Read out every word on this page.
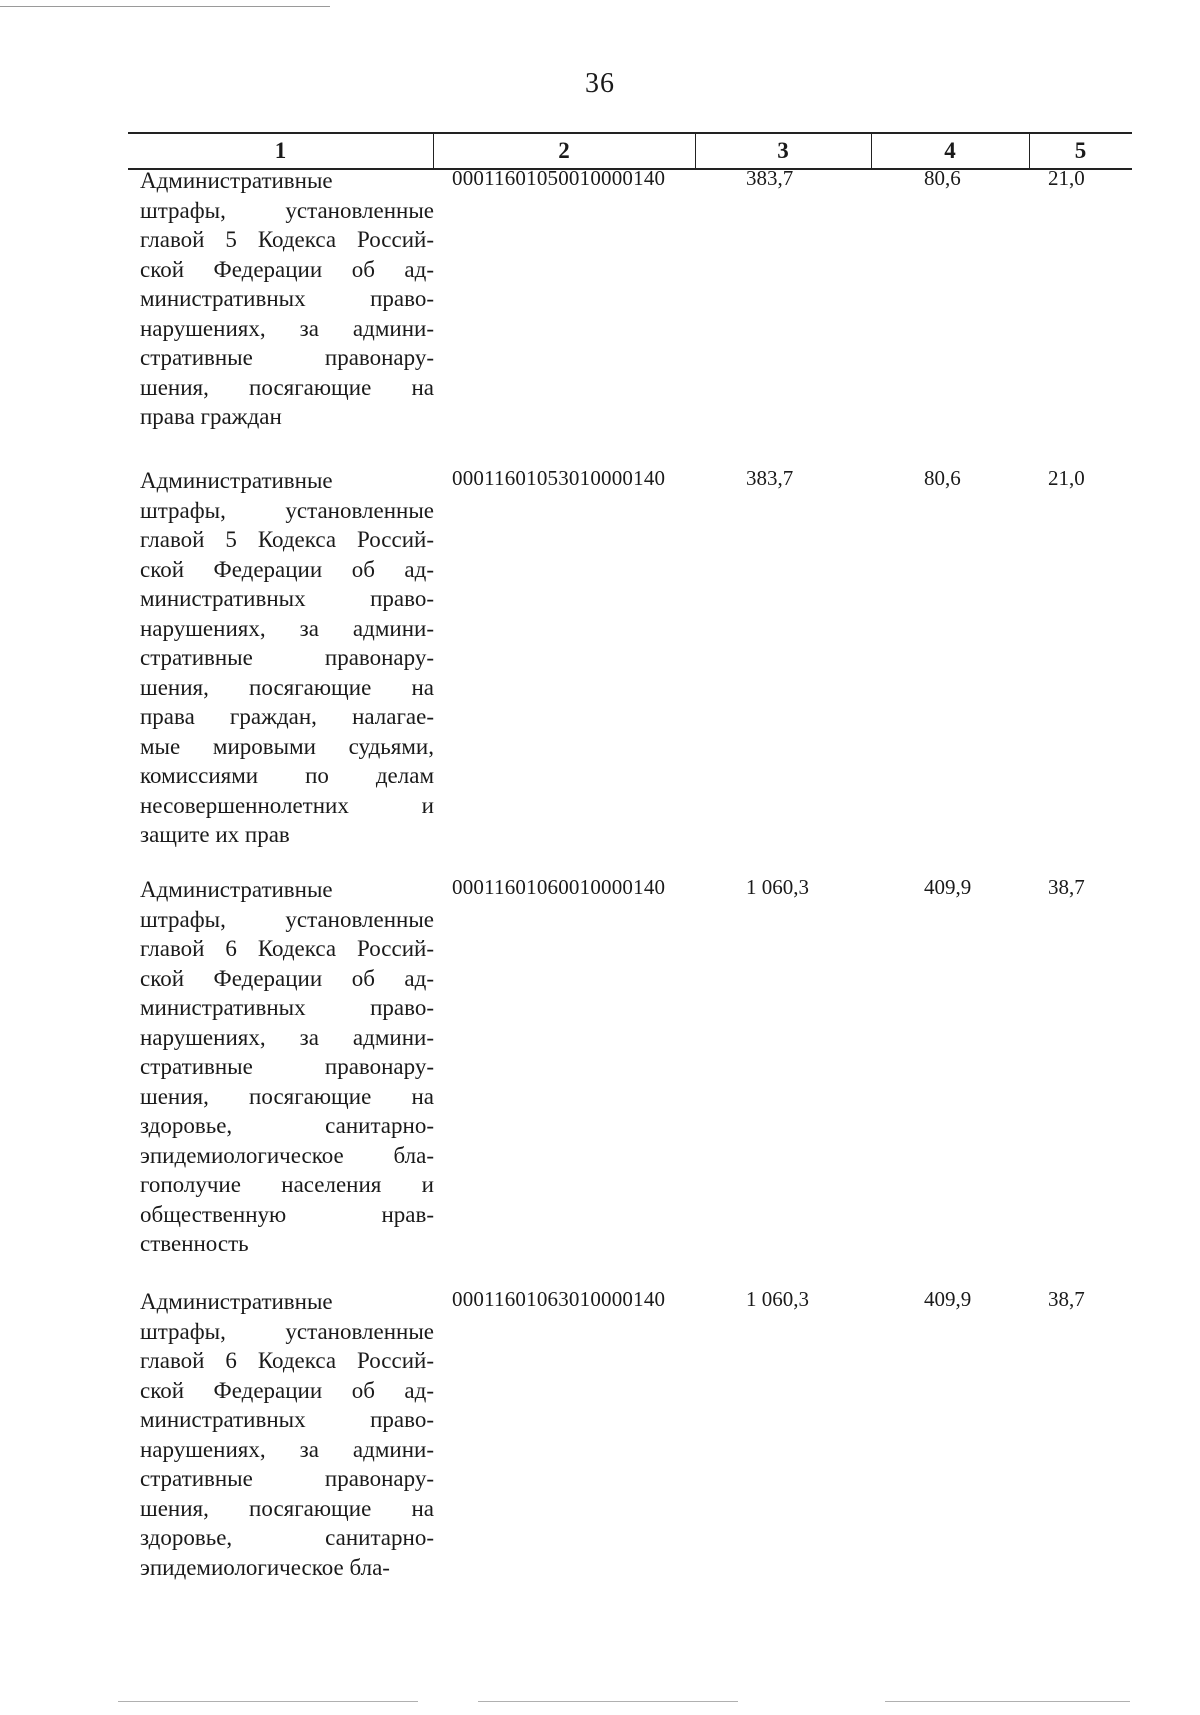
36
1	2	3	4	5
Административные
штрафы, установленные
главой 5 Кодекса Россий-
ской Федерации об ад-
министративных право-
нарушениях, за админи-
стративные правонару-
шения, посягающие на
права граждан
00011601050010000140	383,7	80,6	21,0
Административные
штрафы, установленные
главой 5 Кодекса Россий-
ской Федерации об ад-
министративных право-
нарушениях, за админи-
стративные правонару-
шения, посягающие на
права граждан, налагае-
мые мировыми судьями,
комиссиями по делам
несовершеннолетних и
защите их прав
00011601053010000140	383,7	80,6	21,0
Административные
штрафы, установленные
главой 6 Кодекса Россий-
ской Федерации об ад-
министративных право-
нарушениях, за админи-
стративные правонару-
шения, посягающие на
здоровье, санитарно-
эпидемиологическое бла-
гополучие населения и
общественную нрав-
ственность
00011601060010000140	1 060,3	409,9	38,7
Административные
штрафы, установленные
главой 6 Кодекса Россий-
ской Федерации об ад-
министративных право-
нарушениях, за админи-
стративные правонару-
шения, посягающие на
здоровье, санитарно-
эпидемиологическое бла-
00011601063010000140	1 060,3	409,9	38,7
